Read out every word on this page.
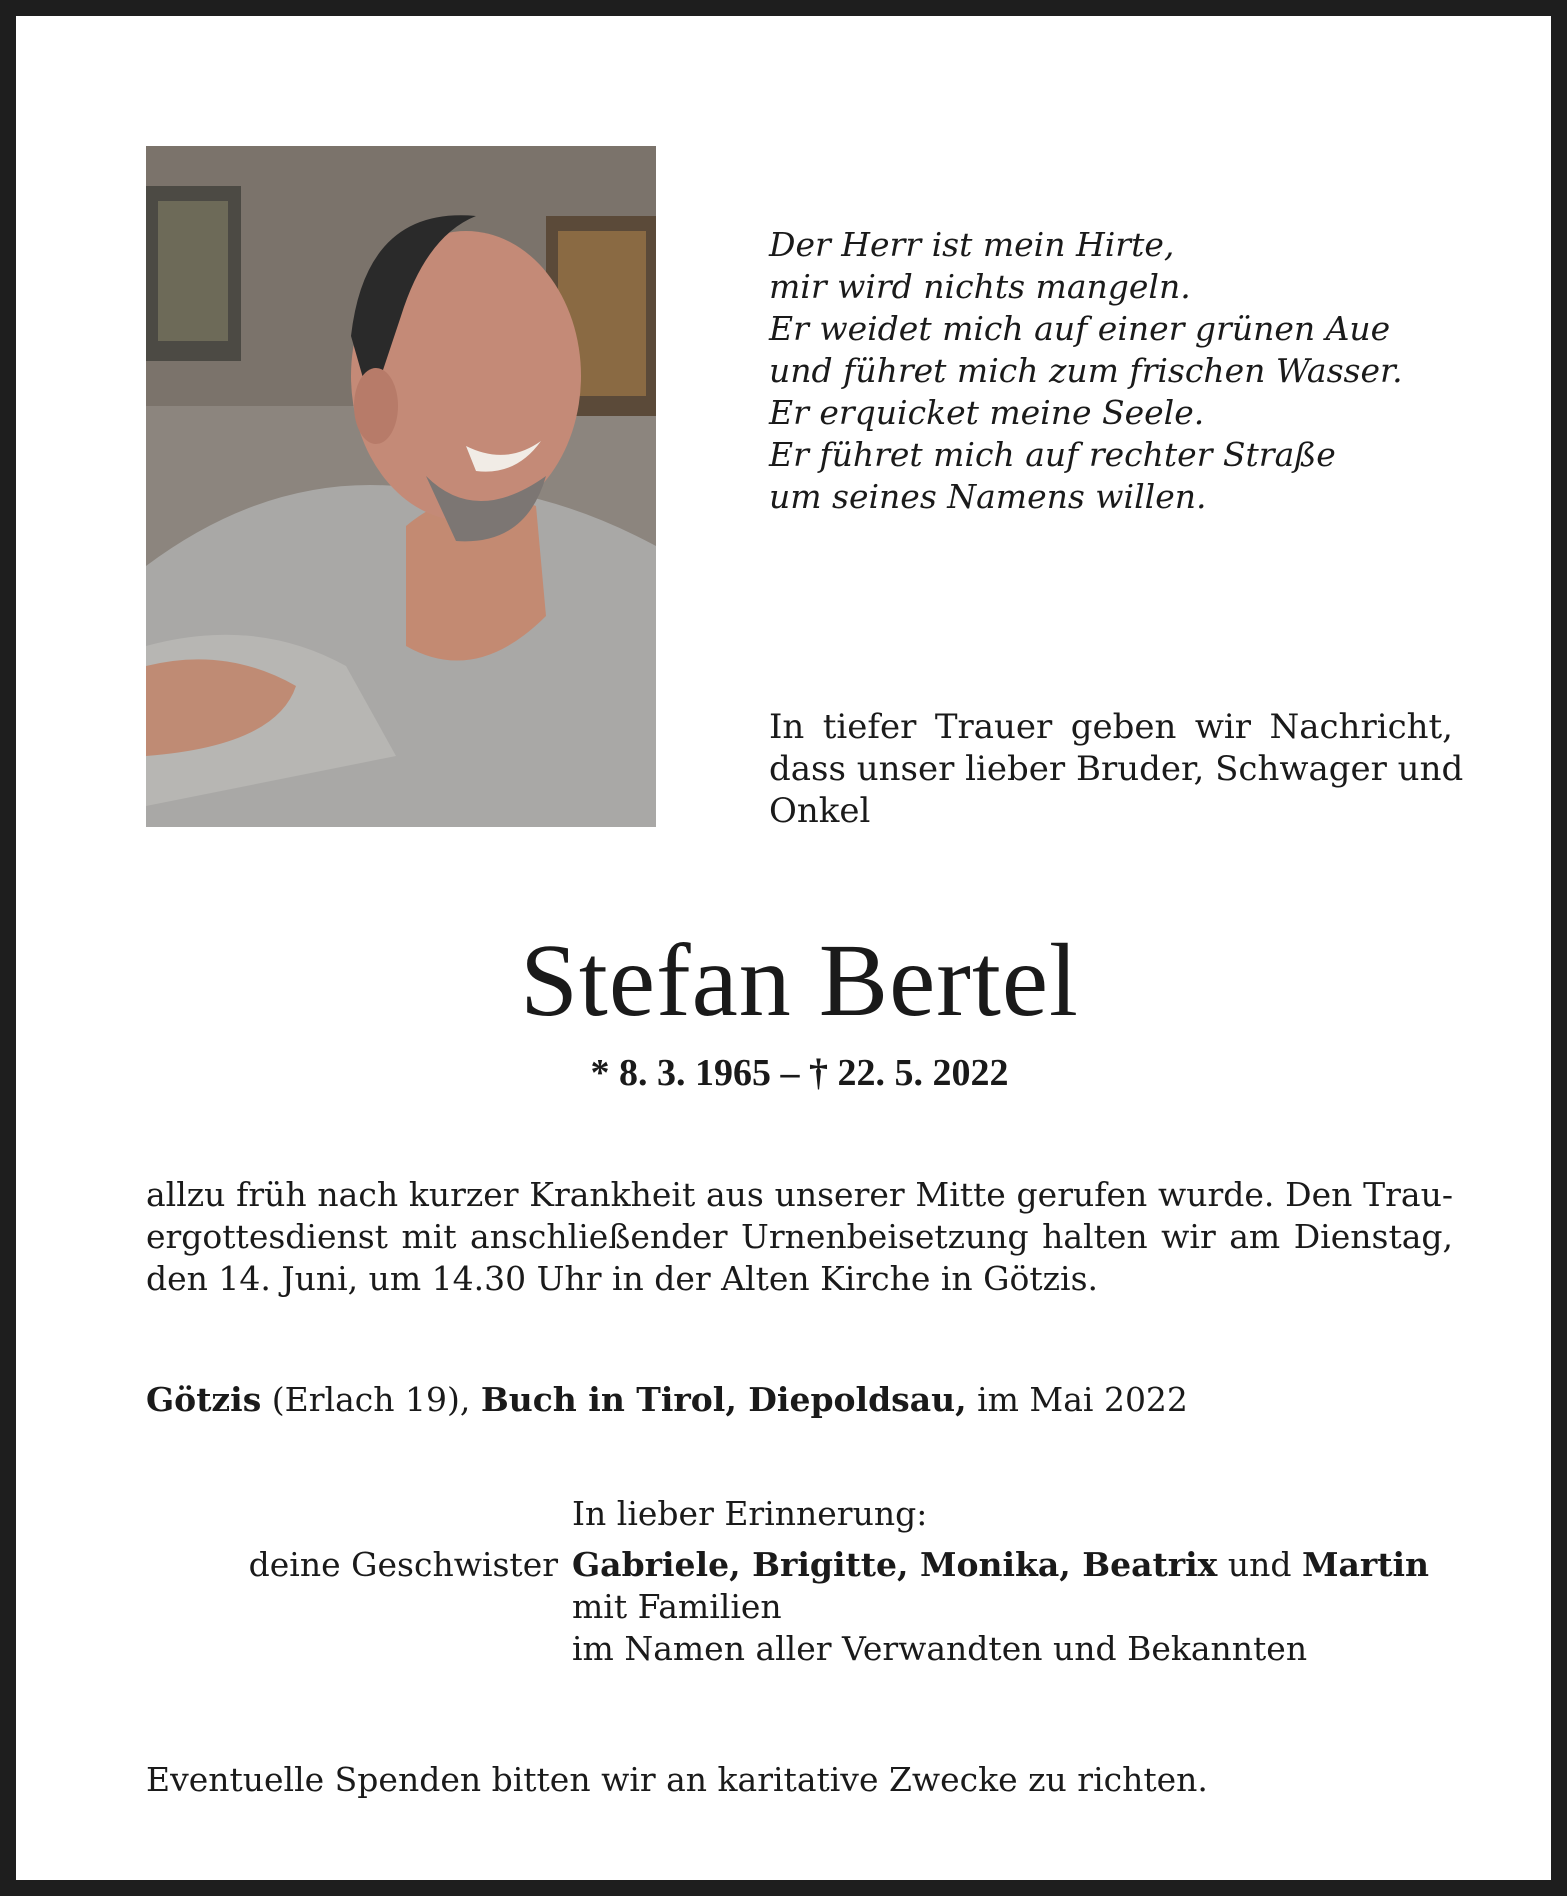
Der Herr ist mein Hirte,
mir wird nichts mangeln.
Er weidet mich auf einer grünen Aue
und führet mich zum frischen Wasser.
Er erquicket meine Seele.
Er führet mich auf rechter Straße
um seines Namens willen.
In tiefer Trauer geben wir Nachricht,
dass unser lieber Bruder, Schwager und
Onkel
Stefan Bertel
* 8. 3. 1965 – † 22. 5. 2022
allzu früh nach kurzer Krankheit aus unserer Mitte gerufen wurde. Den Trau-
ergottesdienst mit anschließender Urnenbeisetzung halten wir am Dienstag,
den 14. Juni, um 14.30 Uhr in der Alten Kirche in Götzis.
Götzis (Erlach 19), Buch in Tirol, Diepoldsau, im Mai 2022
In lieber Erinnerung:
deine Geschwister Gabriele, Brigitte, Monika, Beatrix und Martin
mit Familien
im Namen aller Verwandten und Bekannten
Eventuelle Spenden bitten wir an karitative Zwecke zu richten.
